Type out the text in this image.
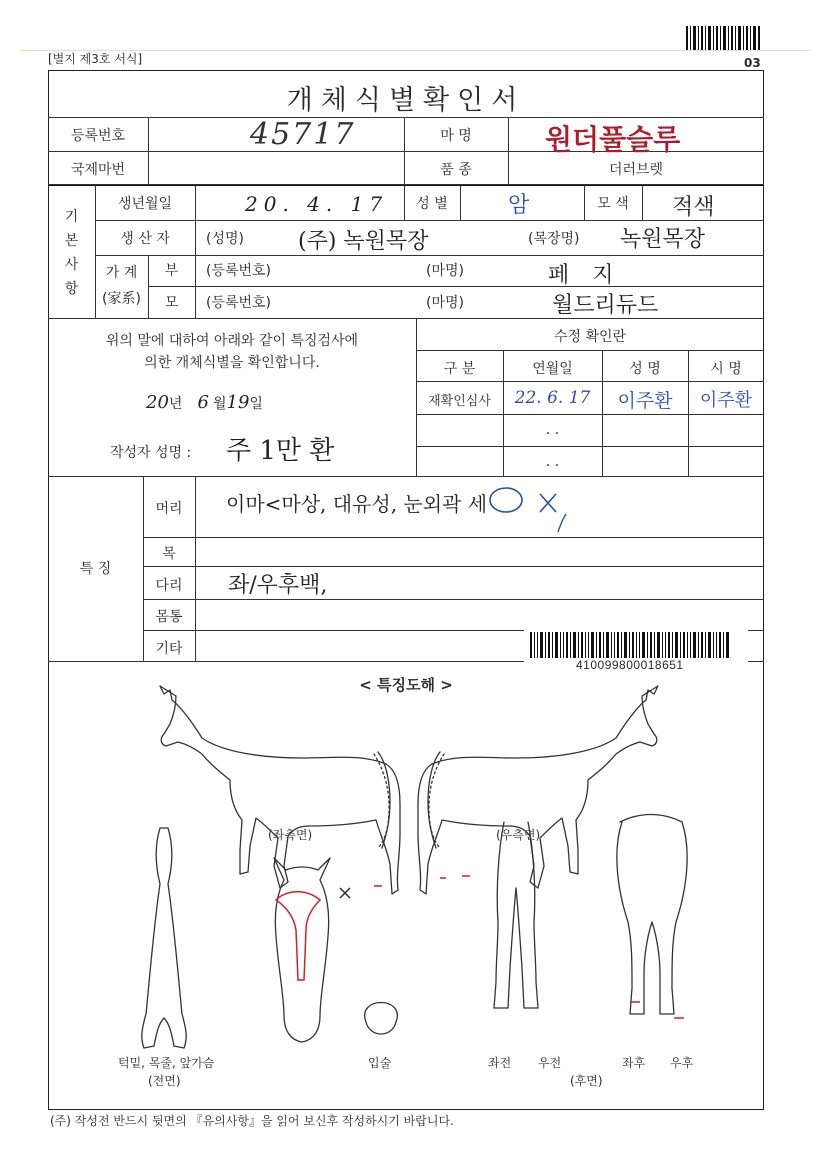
[별지 제3호 서식]	03
개체식별확인서
등록번호	45717	마 명	원더풀슬루
국제마번	품 종	더러브렛
기
본
사
항
생년월일	20. 4. 17	성 별	암	모 색	적색
생 산 자	(성명) (주) 녹원목장	(목장명) 녹원목장
가 계
(家系)
부	(등록번호)	(마명)	페 지
모	(등록번호)	(마명)	월드리듀드
위의 말에 대하여 아래와 같이 특징검사에
의한 개체식별을 확인합니다.
20년 6 월19일
작성자 성명 : 주 1만 환
수정 확인란
구 분	연월일	성 명	시 명
재확인심사	22. 6. 17	이주환	이주환
. .
. .
특 징
머리	이마<마상, 대유성, 눈외곽 세
목
다리	좌/우후백,
몸통
기타
410099800018651
< 특징도해 >
(좌측면)	(우측면)
턱밑, 목줄, 앞가슴
(전면)
입술	좌전 우전	좌후 우후
(후면)
(주) 작성전 반드시 뒷면의 『유의사항』을 읽어 보신후 작성하시기 바랍니다.
